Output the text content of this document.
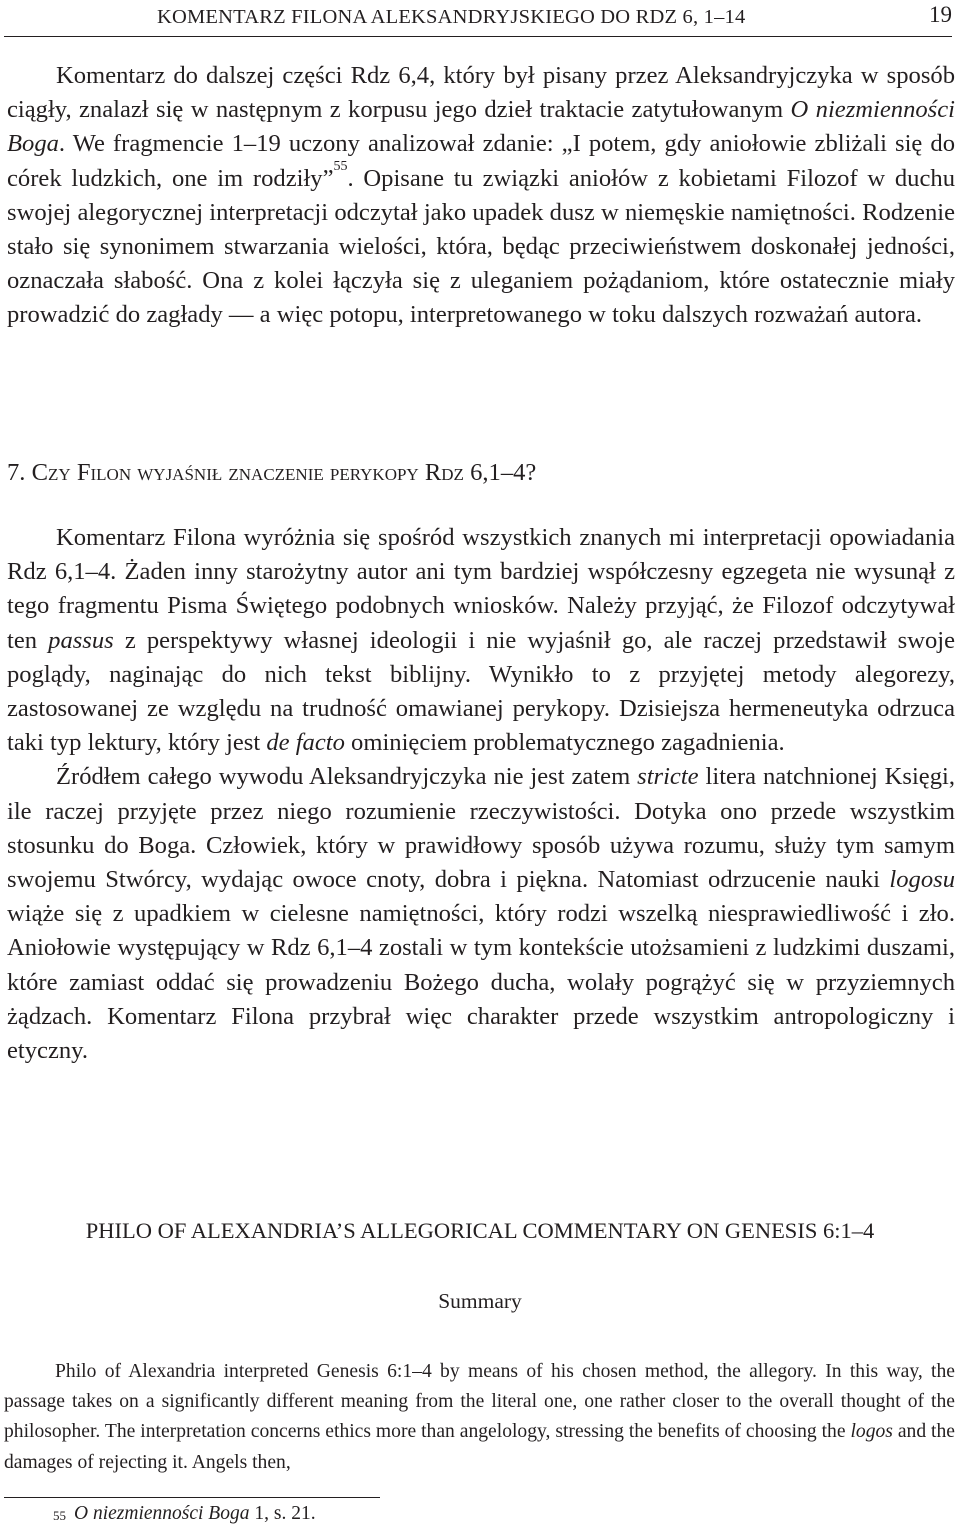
KOMENTARZ FILONA ALEKSANDRYJSKIEGO DO RDZ 6, 1–14	19

Komentarz do dalszej części Rdz 6,4, który był pisany przez Aleksandryjczyka w sposób ciągły, znalazł się w następnym z korpusu jego dzieł traktacie zatytułowanym O niezmienności Boga. We fragmencie 1–19 uczony analizował zdanie: „I potem, gdy aniołowie zbliżali się do córek ludzkich, one im rodziły”$^{55}$. Opisane tu związki aniołów z kobietami Filozof w duchu swojej alegorycznej interpretacji odczytał jako upadek dusz w niemęskie namiętności. Rodzenie stało się synonimem stwarzania wielości, która, będąc przeciwieństwem doskonałej jedności, oznaczała słabość. Ona z kolei łączyła się z uleganiem pożądaniom, które ostatecznie miały prowadzić do zagłady — a więc potopu, interpretowanego w toku dalszych rozważań autora.

7. Czy Filon wyjaśnił znaczenie perykopy Rdz 6,1–4?

Komentarz Filona wyróżnia się spośród wszystkich znanych mi interpretacji opowiadania Rdz 6,1–4. Żaden inny starożytny autor ani tym bardziej współczesny egzegeta nie wysunął z tego fragmentu Pisma Świętego podobnych wniosków. Należy przyjąć, że Filozof odczytywał ten passus z perspektywy własnej ideologii i nie wyjaśnił go, ale raczej przedstawił swoje poglądy, naginając do nich tekst biblijny. Wynikło to z przyjętej metody alegorezy, zastosowanej ze względu na trudność omawianej perykopy. Dzisiejsza hermeneutyka odrzuca taki typ lektury, który jest de facto ominięciem problematycznego zagadnienia.

Źródłem całego wywodu Aleksandryjczyka nie jest zatem stricte litera natchnionej Księgi, ile raczej przyjęte przez niego rozumienie rzeczywistości. Dotyka ono przede wszystkim stosunku do Boga. Człowiek, który w prawidłowy sposób używa rozumu, służy tym samym swojemu Stwórcy, wydając owoce cnoty, dobra i piękna. Natomiast odrzucenie nauki logosu wiąże się z upadkiem w cielesne namiętności, który rodzi wszelką niesprawiedliwość i zło. Aniołowie występujący w Rdz 6,1–4 zostali w tym kontekście utożsamieni z ludzkimi duszami, które zamiast oddać się prowadzeniu Bożego ducha, wolały pogrążyć się w przyziemnych żądzach. Komentarz Filona przybrał więc charakter przede wszystkim antropologiczny i etyczny.

PHILO OF ALEXANDRIA’S ALLEGORICAL COMMENTARY ON GENESIS 6:1–4
Summary

Philo of Alexandria interpreted Genesis 6:1–4 by means of his chosen method, the allegory. In this way, the passage takes on a significantly different meaning from the literal one, one rather closer to the overall thought of the philosopher. The interpretation concerns ethics more than angelology, stressing the benefits of choosing the logos and the damages of rejecting it. Angels then,

$^{55}$ O niezmienności Boga 1, s. 21.
